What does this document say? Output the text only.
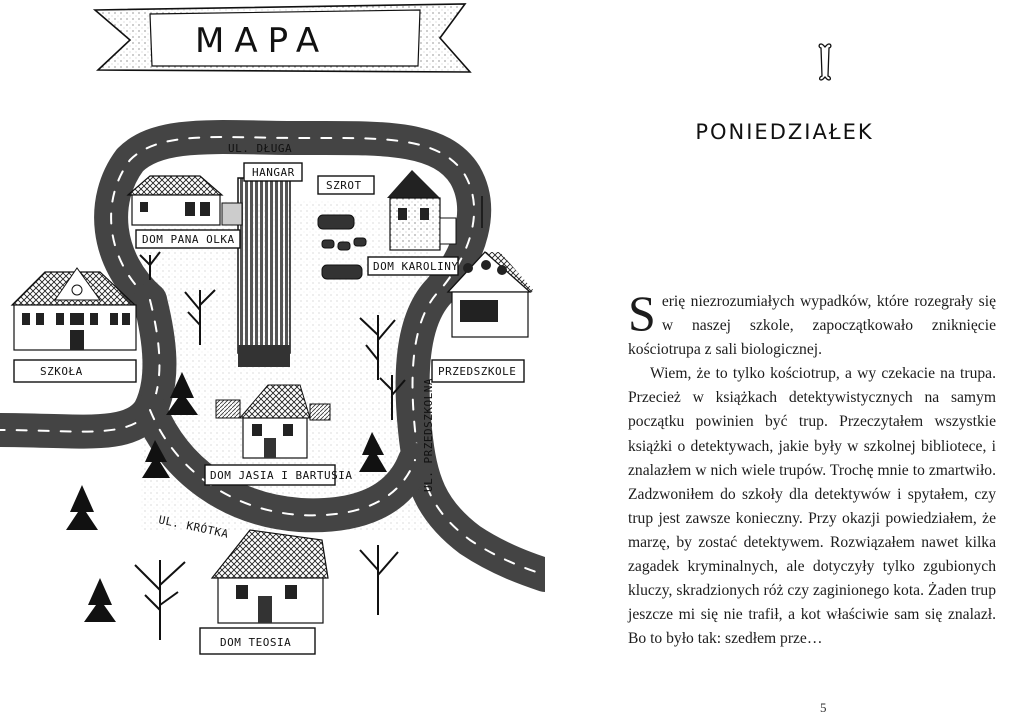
MAPA
UL. DŁUGA
HANGAR
SZROT
DOM PANA OLKA
DOM KAROLINY
SZKOŁA	PRZEDSZKOLE
UL. PRZEDSZKOLNA
DOM JASIA I BARTUSIA
UL. KRÓTKA
DOM TEOSIA
PONIEDZIAŁEK

Serię niezrozumiałych wypadków, które rozegrały się w naszej szkole, zapoczątkowało zniknięcie kościotrupa z sali biologicznej.

Wiem, że to tylko kościotrup, a wy czekacie na trupa. Przecież w książkach detektywistycznych na samym początku powinien być trup. Przeczytałem wszystkie książki o detektywach, jakie były w szkolnej bibliotece, i znalazłem w nich wiele trupów. Trochę mnie to zmartwiło. Zadzwoniłem do szkoły dla detektywów i spytałem, czy trup jest zawsze konieczny. Przy okazji powiedziałem, że marzę, by zostać detektywem. Rozwiązałem nawet kilka zagadek kryminalnych, ale dotyczyły tylko zgubionych kluczy, skradzionych róż czy zaginionego kota. Żaden trup jeszcze mi się nie trafił, a kot właściwie sam się znalazł. Bo to było tak: szedłem prze…

5
